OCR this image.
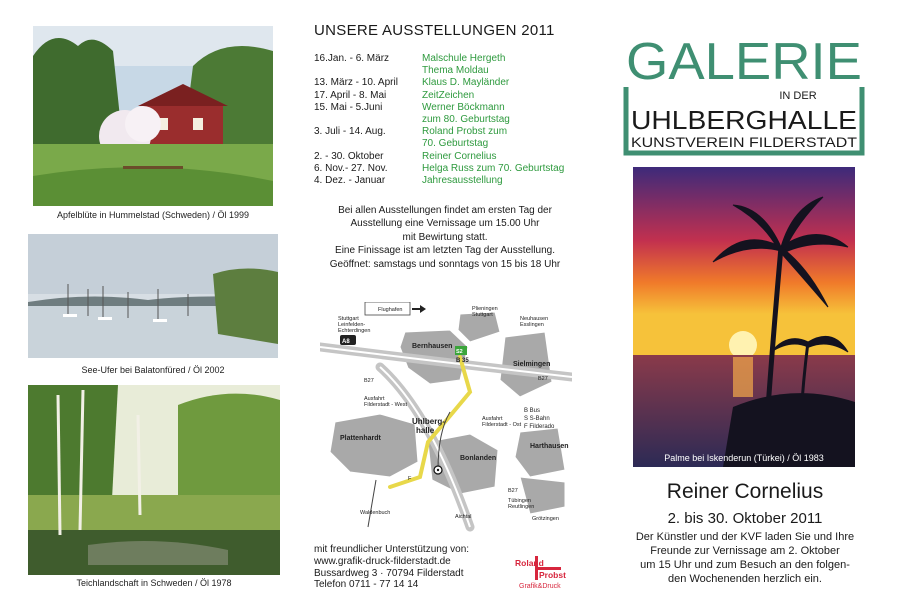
Apfelblüte in Hummelstad (Schweden) / Öl 1999
See-Ufer bei Balatonfüred / Öl 2002
Teichlandschaft in Schweden / Öl 1978
UNSERE AUSSTELLUNGEN 2011
16.Jan. - 6. März	Malschule Hergeth
Thema Moldau
13. März - 10. April	Klaus D. Mayländer
17. April - 8. Mai	ZeitZeichen
15. Mai - 5.Juni	Werner Böckmann
zum 80. Geburtstag
3. Juli - 14. Aug.	Roland Probst zum
70. Geburtstag
2. - 30. Oktober	Reiner Cornelius
6. Nov.- 27. Nov.	Helga Russ zum 70. Geburtstag
4. Dez. - Januar	Jahresausstellung
Bei allen Ausstellungen findet am ersten Tag der
Ausstellung eine Vernissage um 15.00 Uhr
mit Bewirtung statt.
Eine Finissage ist am letzten Tag der Ausstellung.
Geöffnet: samstags und sonntags von 15 bis 18 Uhr
Flughafen	Plieningen
Stuttgart
Stuttgart
Leinfelden-
Echterdingen
Neuhausen
Esslingen
B27	B27
B27
Ausfahrt
Filderstadt - West
Ausfahrt
Filderstadt - Ost
F
Waldenbuch
Aichtal
Tübingen
Reutlingen
Grötzingen
A8
S2
B 35
Bernhausen
Sielmingen
Plattenhardt
Bonlanden
Harthausen
Uhlberg-
halle
B Bus
S S-Bahn
F Filderado
mit freundlicher Unterstützung von:
www.grafik-druck-filderstadt.de
Bussardweg 3 · 70794 Filderstadt
Telefon 0711 - 77 14 14
Roland
Probst
Grafik&Druck
GALERIE
IN DER
UHLBERGHALLE
KUNSTVEREIN FILDERSTADT
Palme bei Iskenderun (Türkei) / Öl 1983
Reiner Cornelius
2. bis 30. Oktober 2011
Der Künstler und der KVF laden Sie und Ihre
Freunde zur Vernissage am 2. Oktober
um 15 Uhr und zum Besuch an den folgen-
den Wochenenden herzlich ein.
